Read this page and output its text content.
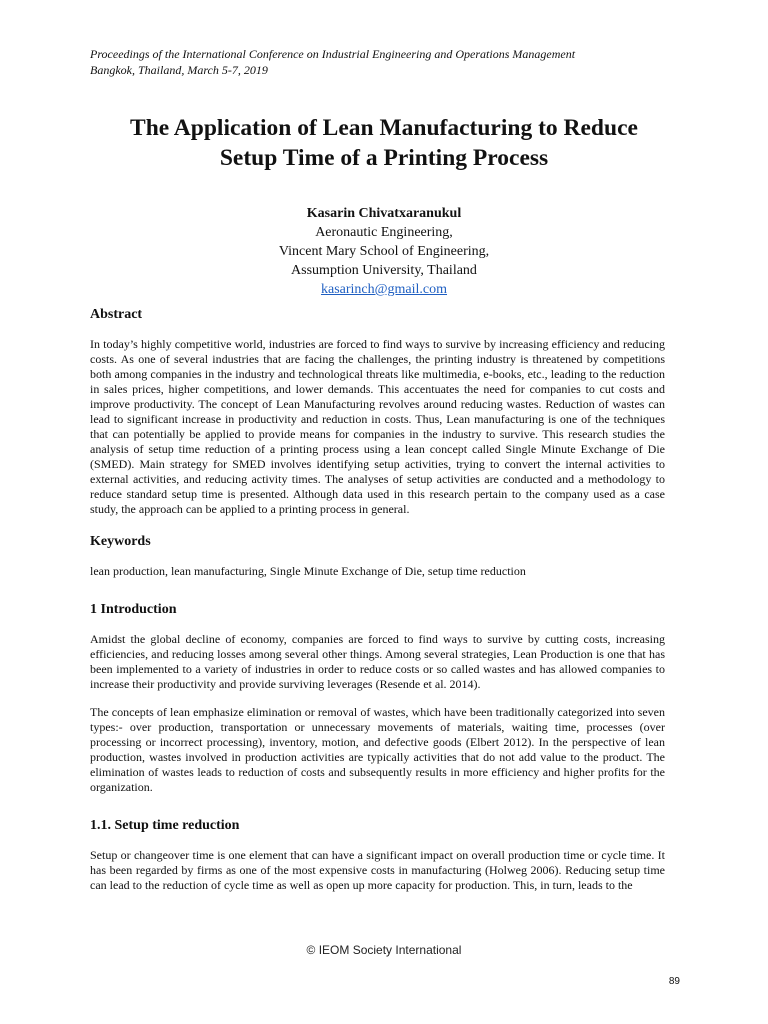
Proceedings of the International Conference on Industrial Engineering and Operations Management
Bangkok, Thailand, March 5-7, 2019
The Application of Lean Manufacturing to Reduce
Setup Time of a Printing Process
Kasarin Chivatxaranukul
Aeronautic Engineering,
Vincent Mary School of Engineering,
Assumption University, Thailand
kasarinch@gmail.com
Abstract

In today’s highly competitive world, industries are forced to find ways to survive by increasing efficiency and reducing costs. As one of several industries that are facing the challenges, the printing industry is threatened by competitions both among companies in the industry and technological threats like multimedia, e-books, etc., leading to the reduction in sales prices, higher competitions, and lower demands. This accentuates the need for companies to cut costs and improve productivity. The concept of Lean Manufacturing revolves around reducing wastes. Reduction of wastes can lead to significant increase in productivity and reduction in costs. Thus, Lean manufacturing is one of the techniques that can potentially be applied to provide means for companies in the industry to survive. This research studies the analysis of setup time reduction of a printing process using a lean concept called Single Minute Exchange of Die (SMED). Main strategy for SMED involves identifying setup activities, trying to convert the internal activities to external activities, and reducing activity times. The analyses of setup activities are conducted and a methodology to reduce standard setup time is presented. Although data used in this research pertain to the company used as a case study, the approach can be applied to a printing process in general.

Keywords

lean production, lean manufacturing, Single Minute Exchange of Die, setup time reduction

1 Introduction

Amidst the global decline of economy, companies are forced to find ways to survive by cutting costs, increasing efficiencies, and reducing losses among several other things. Among several strategies, Lean Production is one that has been implemented to a variety of industries in order to reduce costs or so called wastes and has allowed companies to increase their productivity and provide surviving leverages (Resende et al. 2014).

The concepts of lean emphasize elimination or removal of wastes, which have been traditionally categorized into seven types:- over production, transportation or unnecessary movements of materials, waiting time, processes (over processing or incorrect processing), inventory, motion, and defective goods (Elbert 2012). In the perspective of lean production, wastes involved in production activities are typically activities that do not add value to the product. The elimination of wastes leads to reduction of costs and subsequently results in more efficiency and higher profits for the organization.

1.1. Setup time reduction

Setup or changeover time is one element that can have a significant impact on overall production time or cycle time. It has been regarded by firms as one of the most expensive costs in manufacturing (Holweg 2006). Reducing setup time can lead to the reduction of cycle time as well as open up more capacity for production. This, in turn, leads to the

© IEOM Society International
89
